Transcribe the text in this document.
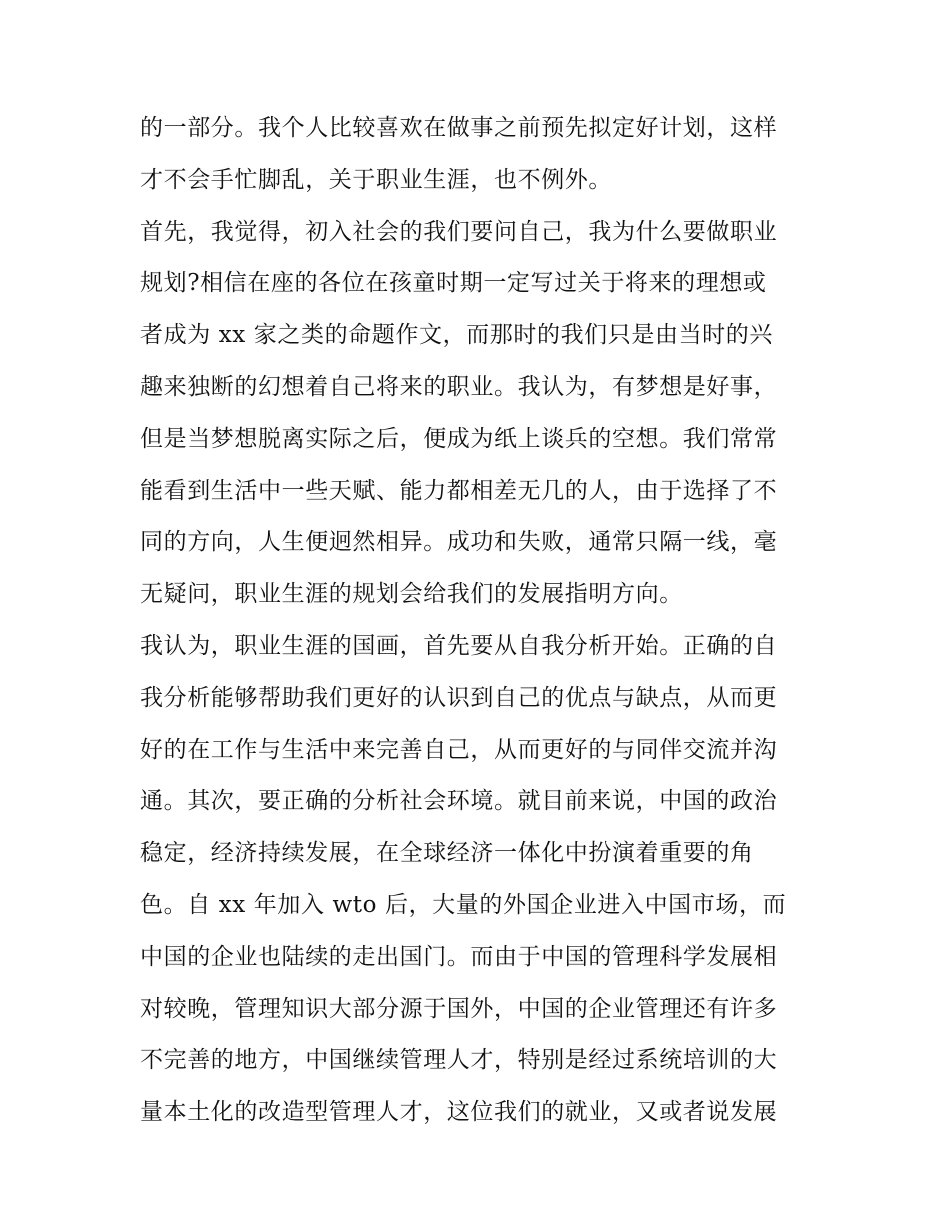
的一部分。我个人比较喜欢在做事之前预先拟定好计划，这样
才不会手忙脚乱，关于职业生涯，也不例外。
首先，我觉得，初入社会的我们要问自己，我为什么要做职业
规划?相信在座的各位在孩童时期一定写过关于将来的理想或
者成为 xx 家之类的命题作文，而那时的我们只是由当时的兴
趣来独断的幻想着自己将来的职业。我认为，有梦想是好事，
但是当梦想脱离实际之后，便成为纸上谈兵的空想。我们常常
能看到生活中一些天赋、能力都相差无几的人，由于选择了不
同的方向，人生便迥然相异。成功和失败，通常只隔一线，毫
无疑问，职业生涯的规划会给我们的发展指明方向。
我认为，职业生涯的国画，首先要从自我分析开始。正确的自
我分析能够帮助我们更好的认识到自己的优点与缺点，从而更
好的在工作与生活中来完善自己，从而更好的与同伴交流并沟
通。其次，要正确的分析社会环境。就目前来说，中国的政治
稳定，经济持续发展，在全球经济一体化中扮演着重要的角
色。自 xx 年加入 wto 后，大量的外国企业进入中国市场，而
中国的企业也陆续的走出国门。而由于中国的管理科学发展相
对较晚，管理知识大部分源于国外，中国的企业管理还有许多
不完善的地方，中国继续管理人才，特别是经过系统培训的大
量本土化的改造型管理人才，这位我们的就业，又或者说发展
